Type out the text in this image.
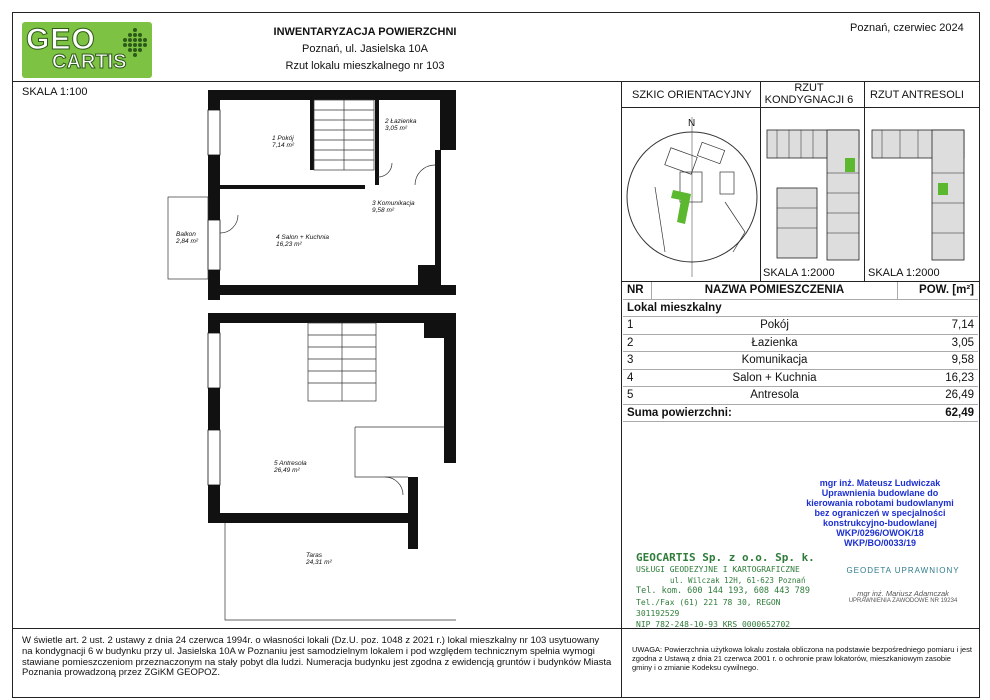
GEO
CARTIS
INWENTARYZACJA POWIERZCHNI
Poznań, ul. Jasielska 10A
Rzut lokalu mieszkalnego nr 103
Poznań, czerwiec 2024
SKALA 1:100
1 Pokój
7,14 m²
2 Łazienka
3,05 m²
3 Komunikacja
9,58 m²
4 Salon + Kuchnia
16,23 m²
Balkon
2,84 m²
5 Antresola
26,49 m²
Taras
24,31 m²
SZKIC ORIENTACYJNY
RZUT KONDYGNACJI 6 RZUT ANTRESOLI
N
SKALA 1:2000	SKALA 1:2000
NR	NAZWA POMIESZCZENIA	POW. [m²]
Lokal mieszkalny		
1	Pokój	7,14
2	Łazienka	3,05
3	Komunikacja	9,58
4	Salon + Kuchnia	16,23
5	Antresola	26,49
Suma powierzchni:		62,49
mgr inż. Mateusz Ludwiczak
Uprawnienia budowlane do
kierowania robotami budowlanymi
bez ograniczeń w specjalności
konstrukcyjno-budowlanej
WKP/0296/OWOK/18
WKP/BO/0033/19
GEOCARTIS Sp. z o.o. Sp. k.
USŁUGI GEODEZYJNE I KARTOGRAFICZNE
ul. Wilczak 12H, 61-623 Poznań
Tel. kom. 600 144 193, 608 443 789
Tel./Fax (61) 221 78 30, REGON 301192529
NIP 782-248-10-93 KRS 0000652702
GEODETA UPRAWNIONY
mgr inż. Mariusz Adamczak
UPRAWNIENIA ZAWODOWE NR 19234
W świetle art. 2 ust. 2 ustawy z dnia 24 czerwca 1994r. o własności lokali (Dz.U. poz. 1048 z 2021 r.) lokal mieszkalny nr 103 usytuowany na kondygnacji 6 w budynku przy ul. Jasielska 10A w Poznaniu jest samodzielnym lokalem i pod względem technicznym spełnia wymogi stawiane pomieszczeniom przeznaczonym na stały pobyt dla ludzi. Numeracja budynku jest zgodna z ewidencją gruntów i budynków Miasta Poznania prowadzoną przez ZGiKM GEOPOZ.
UWAGA: Powierzchnia użytkowa lokalu została obliczona na podstawie bezpośredniego pomiaru i jest zgodna z Ustawą z dnia 21 czerwca 2001 r. o ochronie praw lokatorów, mieszkaniowym zasobie gminy i o zmianie Kodeksu cywilnego.
